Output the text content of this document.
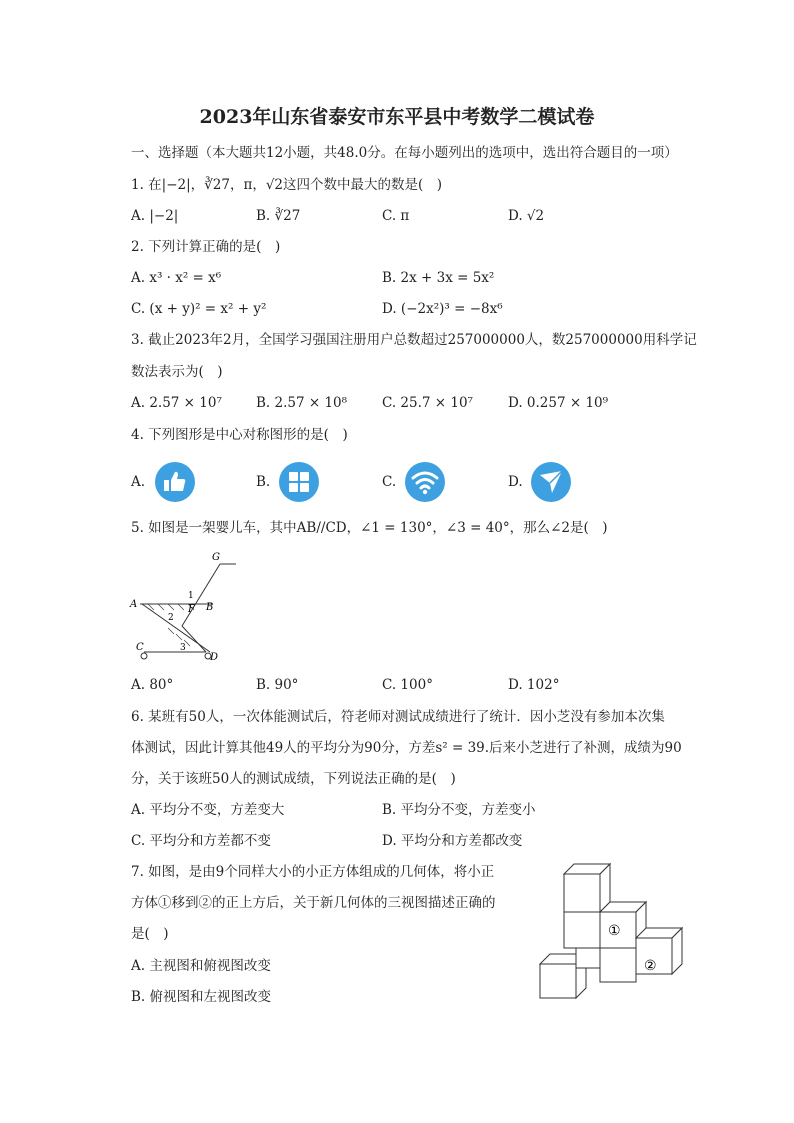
2023年山东省泰安市东平县中考数学二模试卷
一、选择题（本大题共12小题，共48.0分。在每小题列出的选项中，选出符合题目的一项）
1. 在|−2|，∛27，π，√2这四个数中最大的数是(　)
A. |−2|	B. ∛27	C. π	D. √2
2. 下列计算正确的是(　)
A. x³ · x² = x⁶	B. 2x + 3x = 5x²
C. (x + y)² = x² + y²	D. (−2x²)³ = −8x⁶
3. 截止2023年2月，全国学习强国注册用户总数超过257000000人，数257000000用科学记
数法表示为(　)
A. 2.57 × 10⁷	B. 2.57 × 10⁸	C. 25.7 × 10⁷	D. 0.257 × 10⁹
4. 下列图形是中心对称图形的是(　)
A.	B.	C.	D.
5. 如图是一架婴儿车，其中AB//CD，∠1 = 130°，∠3 = 40°，那么∠2是(　)
G
A	B
F
C
D
1
2
3
A. 80°	B. 90°	C. 100°	D. 102°
6. 某班有50人，一次体能测试后，符老师对测试成绩进行了统计．因小芝没有参加本次集
体测试，因此计算其他49人的平均分为90分，方差s² = 39.后来小芝进行了补测，成绩为90
分，关于该班50人的测试成绩，下列说法正确的是(　)
A. 平均分不变，方差变大	B. 平均分不变，方差变小
C. 平均分和方差都不变	D. 平均分和方差都改变
7. 如图，是由9个同样大小的小正方体组成的几何体，将小正
方体①移到②的正上方后，关于新几何体的三视图描述正确的
是(　)
A. 主视图和俯视图改变
B. 俯视图和左视图改变
①
②
